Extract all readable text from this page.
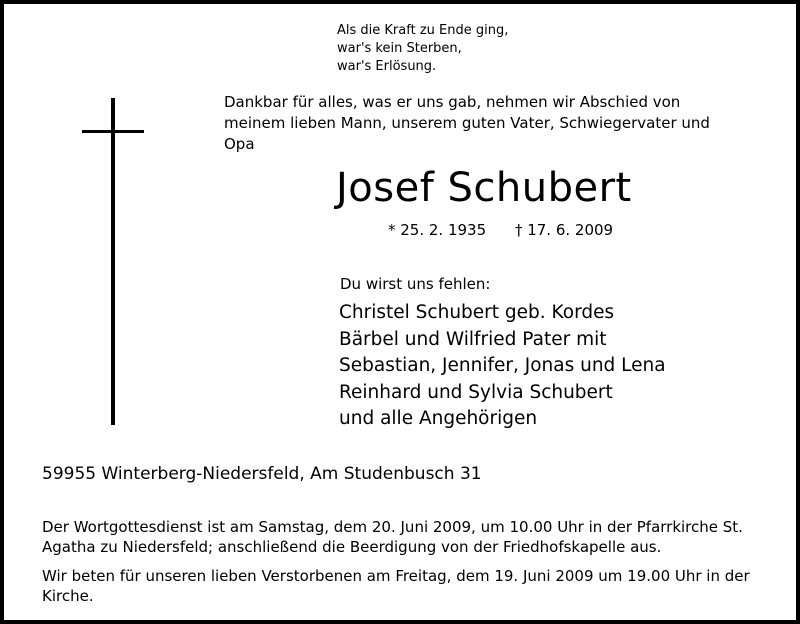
Als die Kraft zu Ende ging,
war's kein Sterben,
war's Erlösung.
Dankbar für alles, was er uns gab, nehmen wir Abschied von meinem lieben Mann, unserem guten Vater, Schwiegervater und Opa
Josef Schubert
* 25. 2. 1935 † 17. 6. 2009
Du wirst uns fehlen:
Christel Schubert geb. Kordes
Bärbel und Wilfried Pater mit
Sebastian, Jennifer, Jonas und Lena
Reinhard und Sylvia Schubert
und alle Angehörigen
59955 Winterberg-Niedersfeld, Am Studenbusch 31
Der Wortgottesdienst ist am Samstag, dem 20. Juni 2009, um 10.00 Uhr in der Pfarrkirche St. Agatha zu Niedersfeld; anschließend die Beerdigung von der Friedhofskapelle aus.
Wir beten für unseren lieben Verstorbenen am Freitag, dem 19. Juni 2009 um 19.00 Uhr in der Kirche.
